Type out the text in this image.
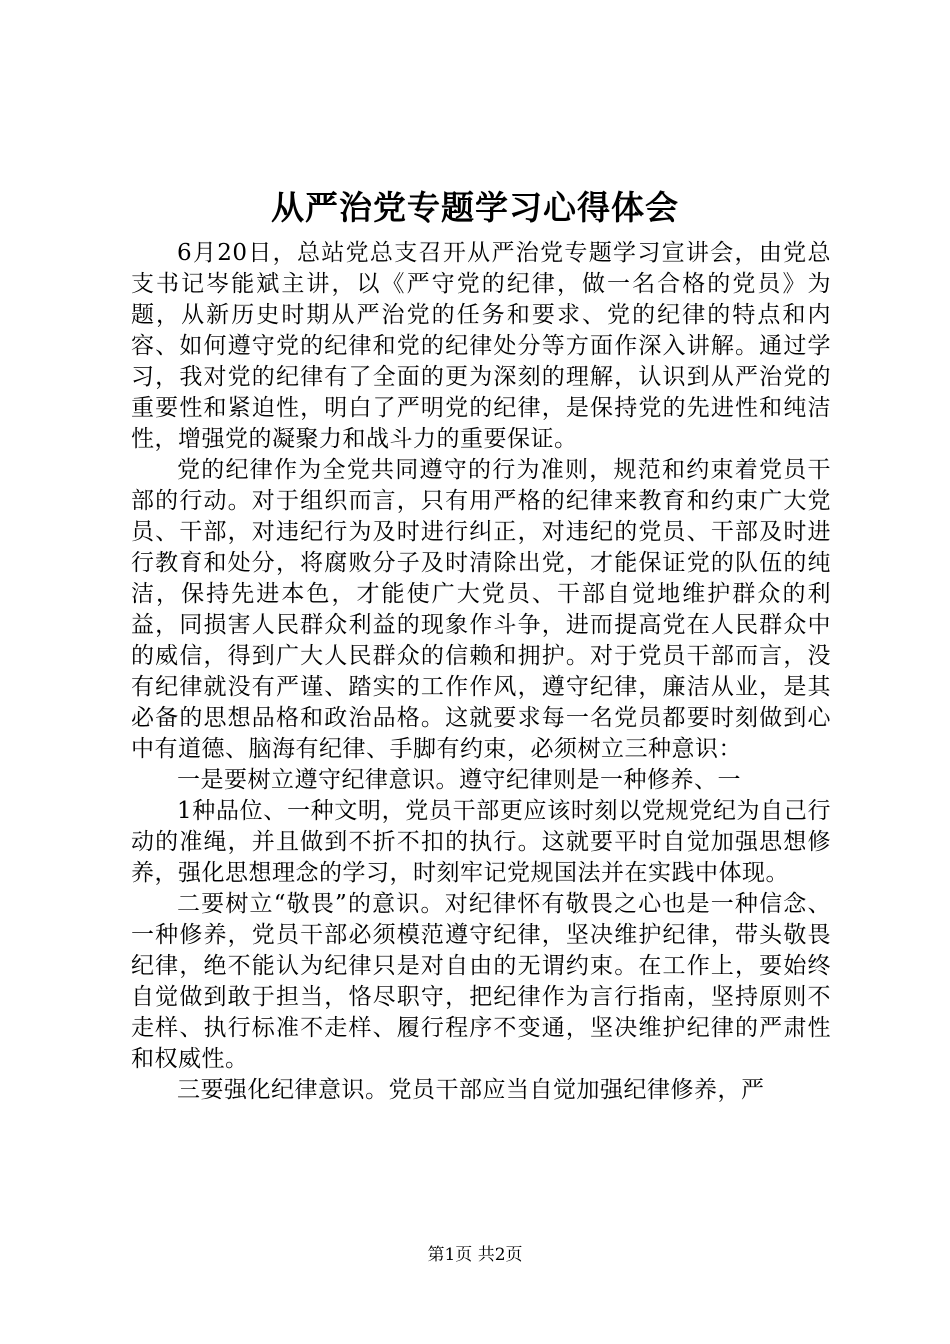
从严治党专题学习心得体会

6月20日，总站党总支召开从严治党专题学习宣讲会，由党总支书记岑能斌主讲，以《严守党的纪律，做一名合格的党员》为题，从新历史时期从严治党的任务和要求、党的纪律的特点和内容、如何遵守党的纪律和党的纪律处分等方面作深入讲解。通过学习，我对党的纪律有了全面的更为深刻的理解，认识到从严治党的重要性和紧迫性，明白了严明党的纪律，是保持党的先进性和纯洁性，增强党的凝聚力和战斗力的重要保证。

党的纪律作为全党共同遵守的行为准则，规范和约束着党员干部的行动。对于组织而言，只有用严格的纪律来教育和约束广大党员、干部，对违纪行为及时进行纠正，对违纪的党员、干部及时进行教育和处分，将腐败分子及时清除出党，才能保证党的队伍的纯洁，保持先进本色，才能使广大党员、干部自觉地维护群众的利益，同损害人民群众利益的现象作斗争，进而提高党在人民群众中的威信，得到广大人民群众的信赖和拥护。对于党员干部而言，没有纪律就没有严谨、踏实的工作作风，遵守纪律，廉洁从业，是其必备的思想品格和政治品格。这就要求每一名党员都要时刻做到心中有道德、脑海有纪律、手脚有约束，必须树立三种意识：

一是要树立遵守纪律意识。遵守纪律则是一种修养、一

1种品位、一种文明，党员干部更应该时刻以党规党纪为自己行动的准绳，并且做到不折不扣的执行。这就要平时自觉加强思想修养，强化思想理念的学习，时刻牢记党规国法并在实践中体现。

二要树立“敬畏”的意识。对纪律怀有敬畏之心也是一种信念、一种修养，党员干部必须模范遵守纪律，坚决维护纪律，带头敬畏纪律，绝不能认为纪律只是对自由的无谓约束。在工作上，要始终自觉做到敢于担当，恪尽职守，把纪律作为言行指南，坚持原则不走样、执行标准不走样、履行程序不变通，坚决维护纪律的严肃性和权威性。

三要强化纪律意识。党员干部应当自觉加强纪律修养，严

第1页 共2页
